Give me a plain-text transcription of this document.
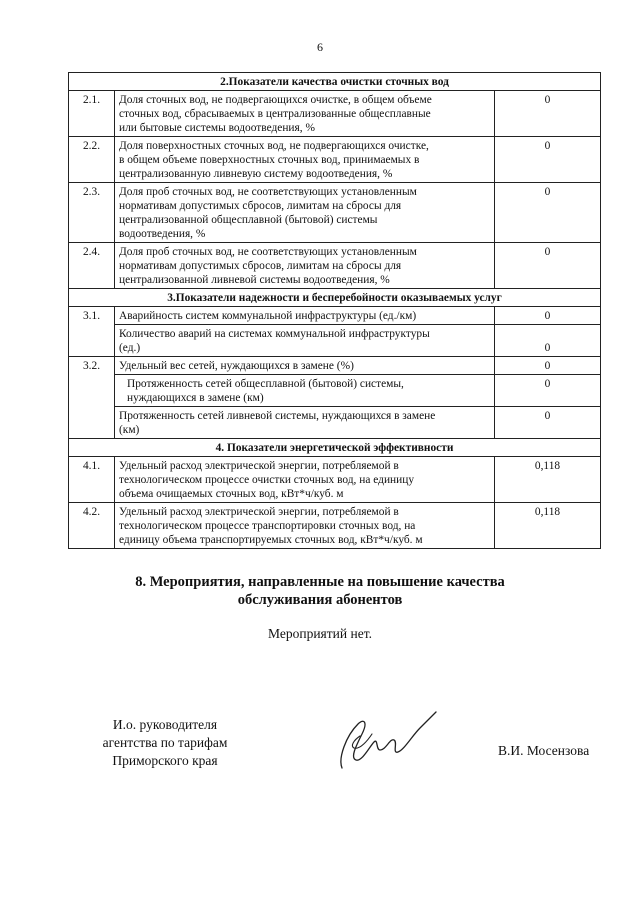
6
2.Показатели качества очистки сточных вод		
2.1.	Доля сточных вод, не подвергающихся очистке, в общем объеме
сточных вод, сбрасываемых в централизованные общесплавные
или бытовые системы водоотведения, %	0
2.2.	Доля поверхностных сточных вод, не подвергающихся очистке,
в общем объеме поверхностных сточных вод, принимаемых в
централизованную ливневую систему водоотведения, %	0
2.3.	Доля проб сточных вод, не соответствующих установленным
нормативам допустимых сбросов, лимитам на сбросы для
централизованной общесплавной (бытовой) системы
водоотведения, %	0
2.4.	Доля проб сточных вод, не соответствующих установленным
нормативам допустимых сбросов, лимитам на сбросы для
централизованной ливневой системы водоотведения, %	0
3.Показатели надежности и бесперебойности оказываемых услуг		
3.1.	Аварийность систем коммунальной инфраструктуры (ед./км)	0
	Количество аварий на системах коммунальной инфраструктуры
(ед.)	0
3.2.	Удельный вес сетей, нуждающихся в замене (%)	0
	Протяженность сетей общесплавной (бытовой) системы,
нуждающихся в замене (км)	0
	Протяженность сетей ливневой системы, нуждающихся в замене
(км)	0
4. Показатели энергетической эффективности		
4.1.	Удельный расход электрической энергии, потребляемой в
технологическом процессе очистки сточных вод, на единицу
объема очищаемых сточных вод, кВт*ч/куб. м	0,118
4.2.	Удельный расход электрической энергии, потребляемой в
технологическом процессе транспортировки сточных вод, на
единицу объема транспортируемых сточных вод, кВт*ч/куб. м	0,118
8. Мероприятия, направленные на повышение качества
обслуживания абонентов
Мероприятий нет.
И.о. руководителя
агентства по тарифам
Приморского края
В.И. Мосензова
